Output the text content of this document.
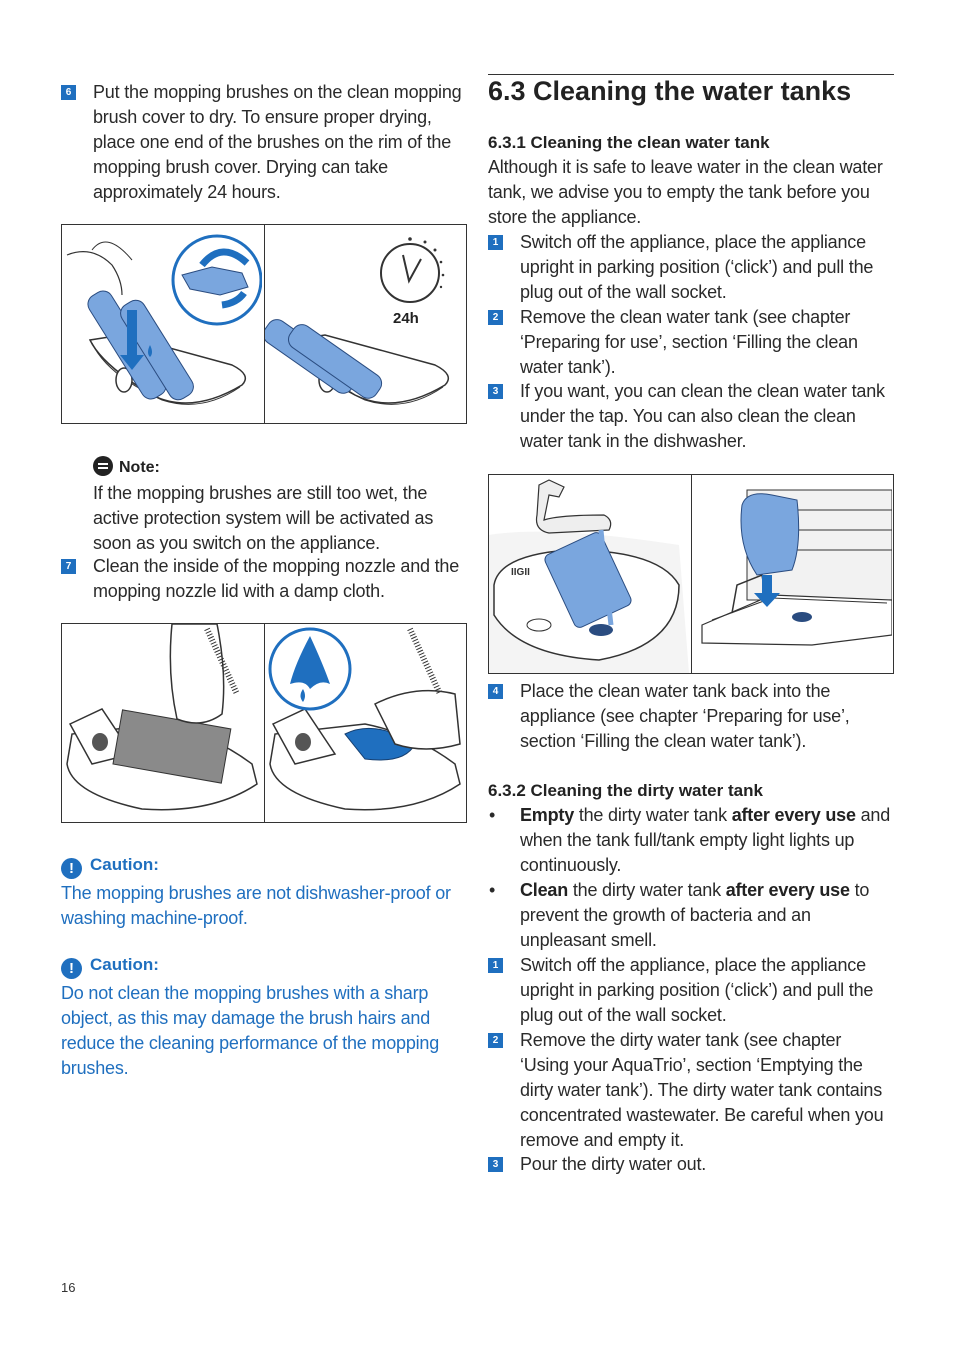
6 Put the mopping brushes on the clean mopping brush cover to dry. To ensure proper drying, place one end of the brushes on the rim of the mopping brush cover. Drying can take approximately 24 hours.

24h
Note:

If the mopping brushes are still too wet, the active protection system will be activated as soon as you switch on the appliance.

7 Clean the inside of the mopping nozzle and the mopping nozzle lid with a damp cloth.

! Caution:

The mopping brushes are not dishwasher-proof or washing machine-proof.

! Caution:

Do not clean the mopping brushes with a sharp object, as this may damage the brush hairs and reduce the cleaning performance of the mopping brushes.

6.3 Cleaning the water tanks
6.3.1 Cleaning the clean water tank

Although it is safe to leave water in the clean water tank, we advise you to empty the tank before you store the appliance.

1 Switch off the appliance, place the appliance upright in parking position (‘click’) and pull the plug out of the wall socket.

2 Remove the clean water tank (see chapter ‘Preparing for use’, section ‘Filling the clean water tank’).

3 If you want, you can clean the clean water tank under the tap. You can also clean the clean water tank in the dishwasher.

IIGII
4 Place the clean water tank back into the appliance (see chapter ‘Preparing for use’, section ‘Filling the clean water tank’).

6.3.2 Cleaning the dirty water tank
• Empty the dirty water tank after every use and when the tank full/tank empty light lights up continuously.

• Clean the dirty water tank after every use to prevent the growth of bacteria and an unpleasant smell.

1 Switch off the appliance, place the appliance upright in parking position (‘click’) and pull the plug out of the wall socket.

2 Remove the dirty water tank (see chapter ‘Using your AquaTrio’, section ‘Emptying the dirty water tank’). The dirty water tank contains concentrated wastewater. Be careful when you remove and empty it.

3 Pour the dirty water out.

16
